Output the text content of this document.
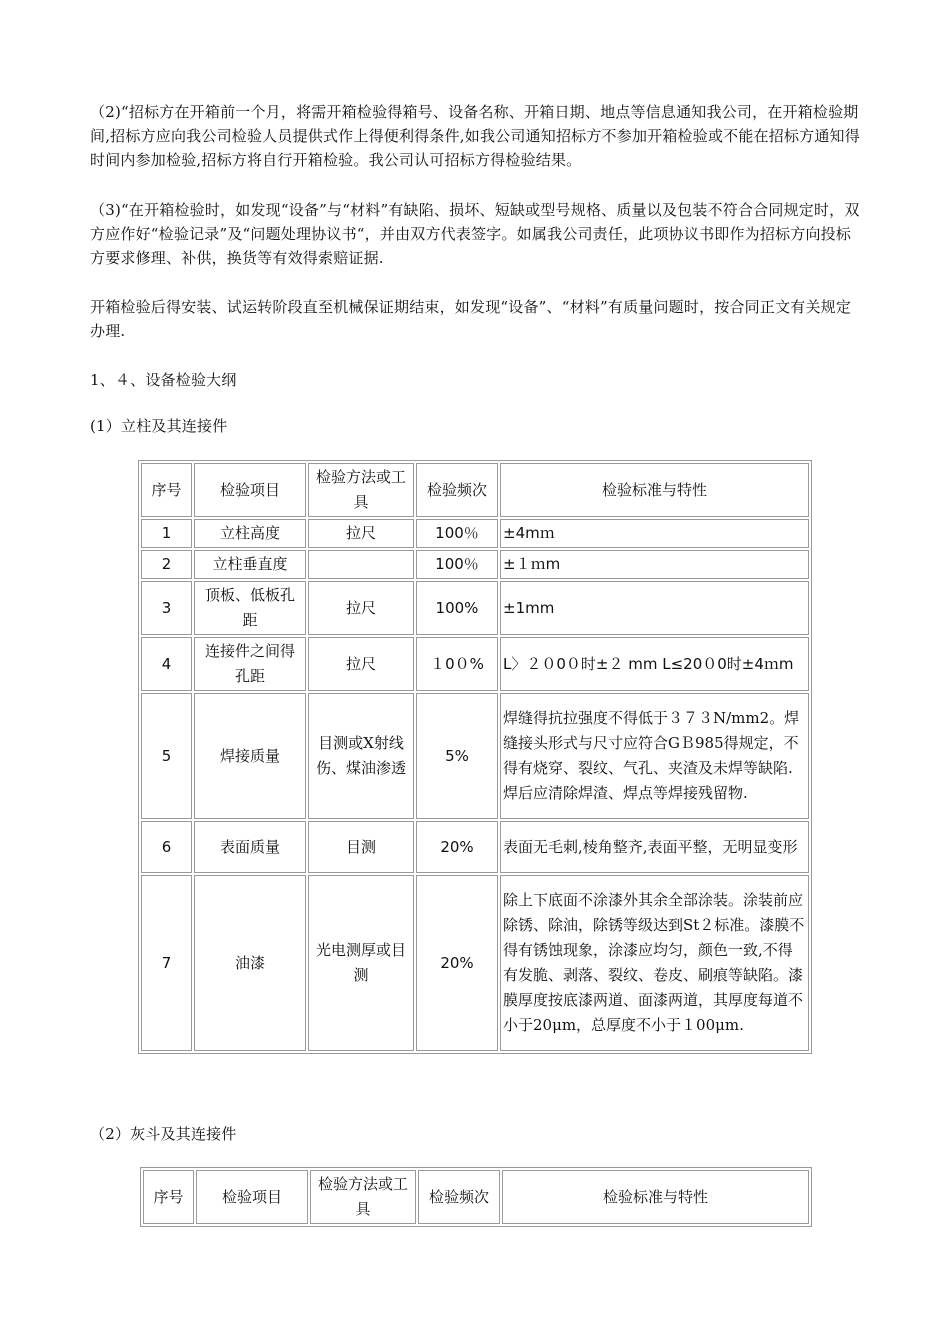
（2)“招标方在开箱前一个月，将需开箱检验得箱号、设备名称、开箱日期、地点等信息通知我公司，在开箱检验期间,招标方应向我公司检验人员提供式作上得便利得条件,如我公司通知招标方不参加开箱检验或不能在招标方通知得时间内参加检验,招标方将自行开箱检验。我公司认可招标方得检验结果。

（3)“在开箱检验时，如发现“设备”与“材料”有缺陷、损坏、短缺或型号规格、质量以及包装不符合合同规定时，双方应作好“检验记录”及“问题处理协议书“，并由双方代表签字。如属我公司责任，此项协议书即作为招标方向投标方要求修理、补供，换货等有效得索赔证据.

开箱检验后得安装、试运转阶段直至机械保证期结束，如发现“设备”、“材料”有质量问题时，按合同正文有关规定办理.

1、４、设备检验大纲

(1）立柱及其连接件

序号	检验项目	检验方法或工具	检验频次	检验标准与特性
1	立柱高度	拉尺	100％	±4mｍ
2	立柱垂直度		100％	±１ｍm
3	顶板、低板孔距	拉尺	100%	±1mm
4	连接件之间得孔距	拉尺	１0０%	L〉２０0０时±２ mm L≤20０0时±4ｍm
5	焊接质量	目测或X射线伤、煤油渗透	5%	焊缝得抗拉强度不得低于３７３N/mm2。焊缝接头形式与尺寸应符合GＢ985得规定，不得有烧穿、裂纹、气孔、夹渣及未焊等缺陷.焊后应清除焊渣、焊点等焊接残留物.
6	表面质量	目测	20%	表面无毛刺,棱角整齐,表面平整，无明显变形
7	油漆	光电测厚或目测	20%	除上下底面不涂漆外其余全部涂装。涂装前应除锈、除油，除锈等级达到St２标准。漆膜不得有锈蚀现象，涂漆应均匀，颜色一致,不得有发脆、剥落、裂纹、卷皮、刷痕等缺陷。漆膜厚度按底漆两道、面漆两道，其厚度每道不小于20μm，总厚度不小于１00μm.

（2）灰斗及其连接件

序号	检验项目	检验方法或工具	检验频次	检验标准与特性
